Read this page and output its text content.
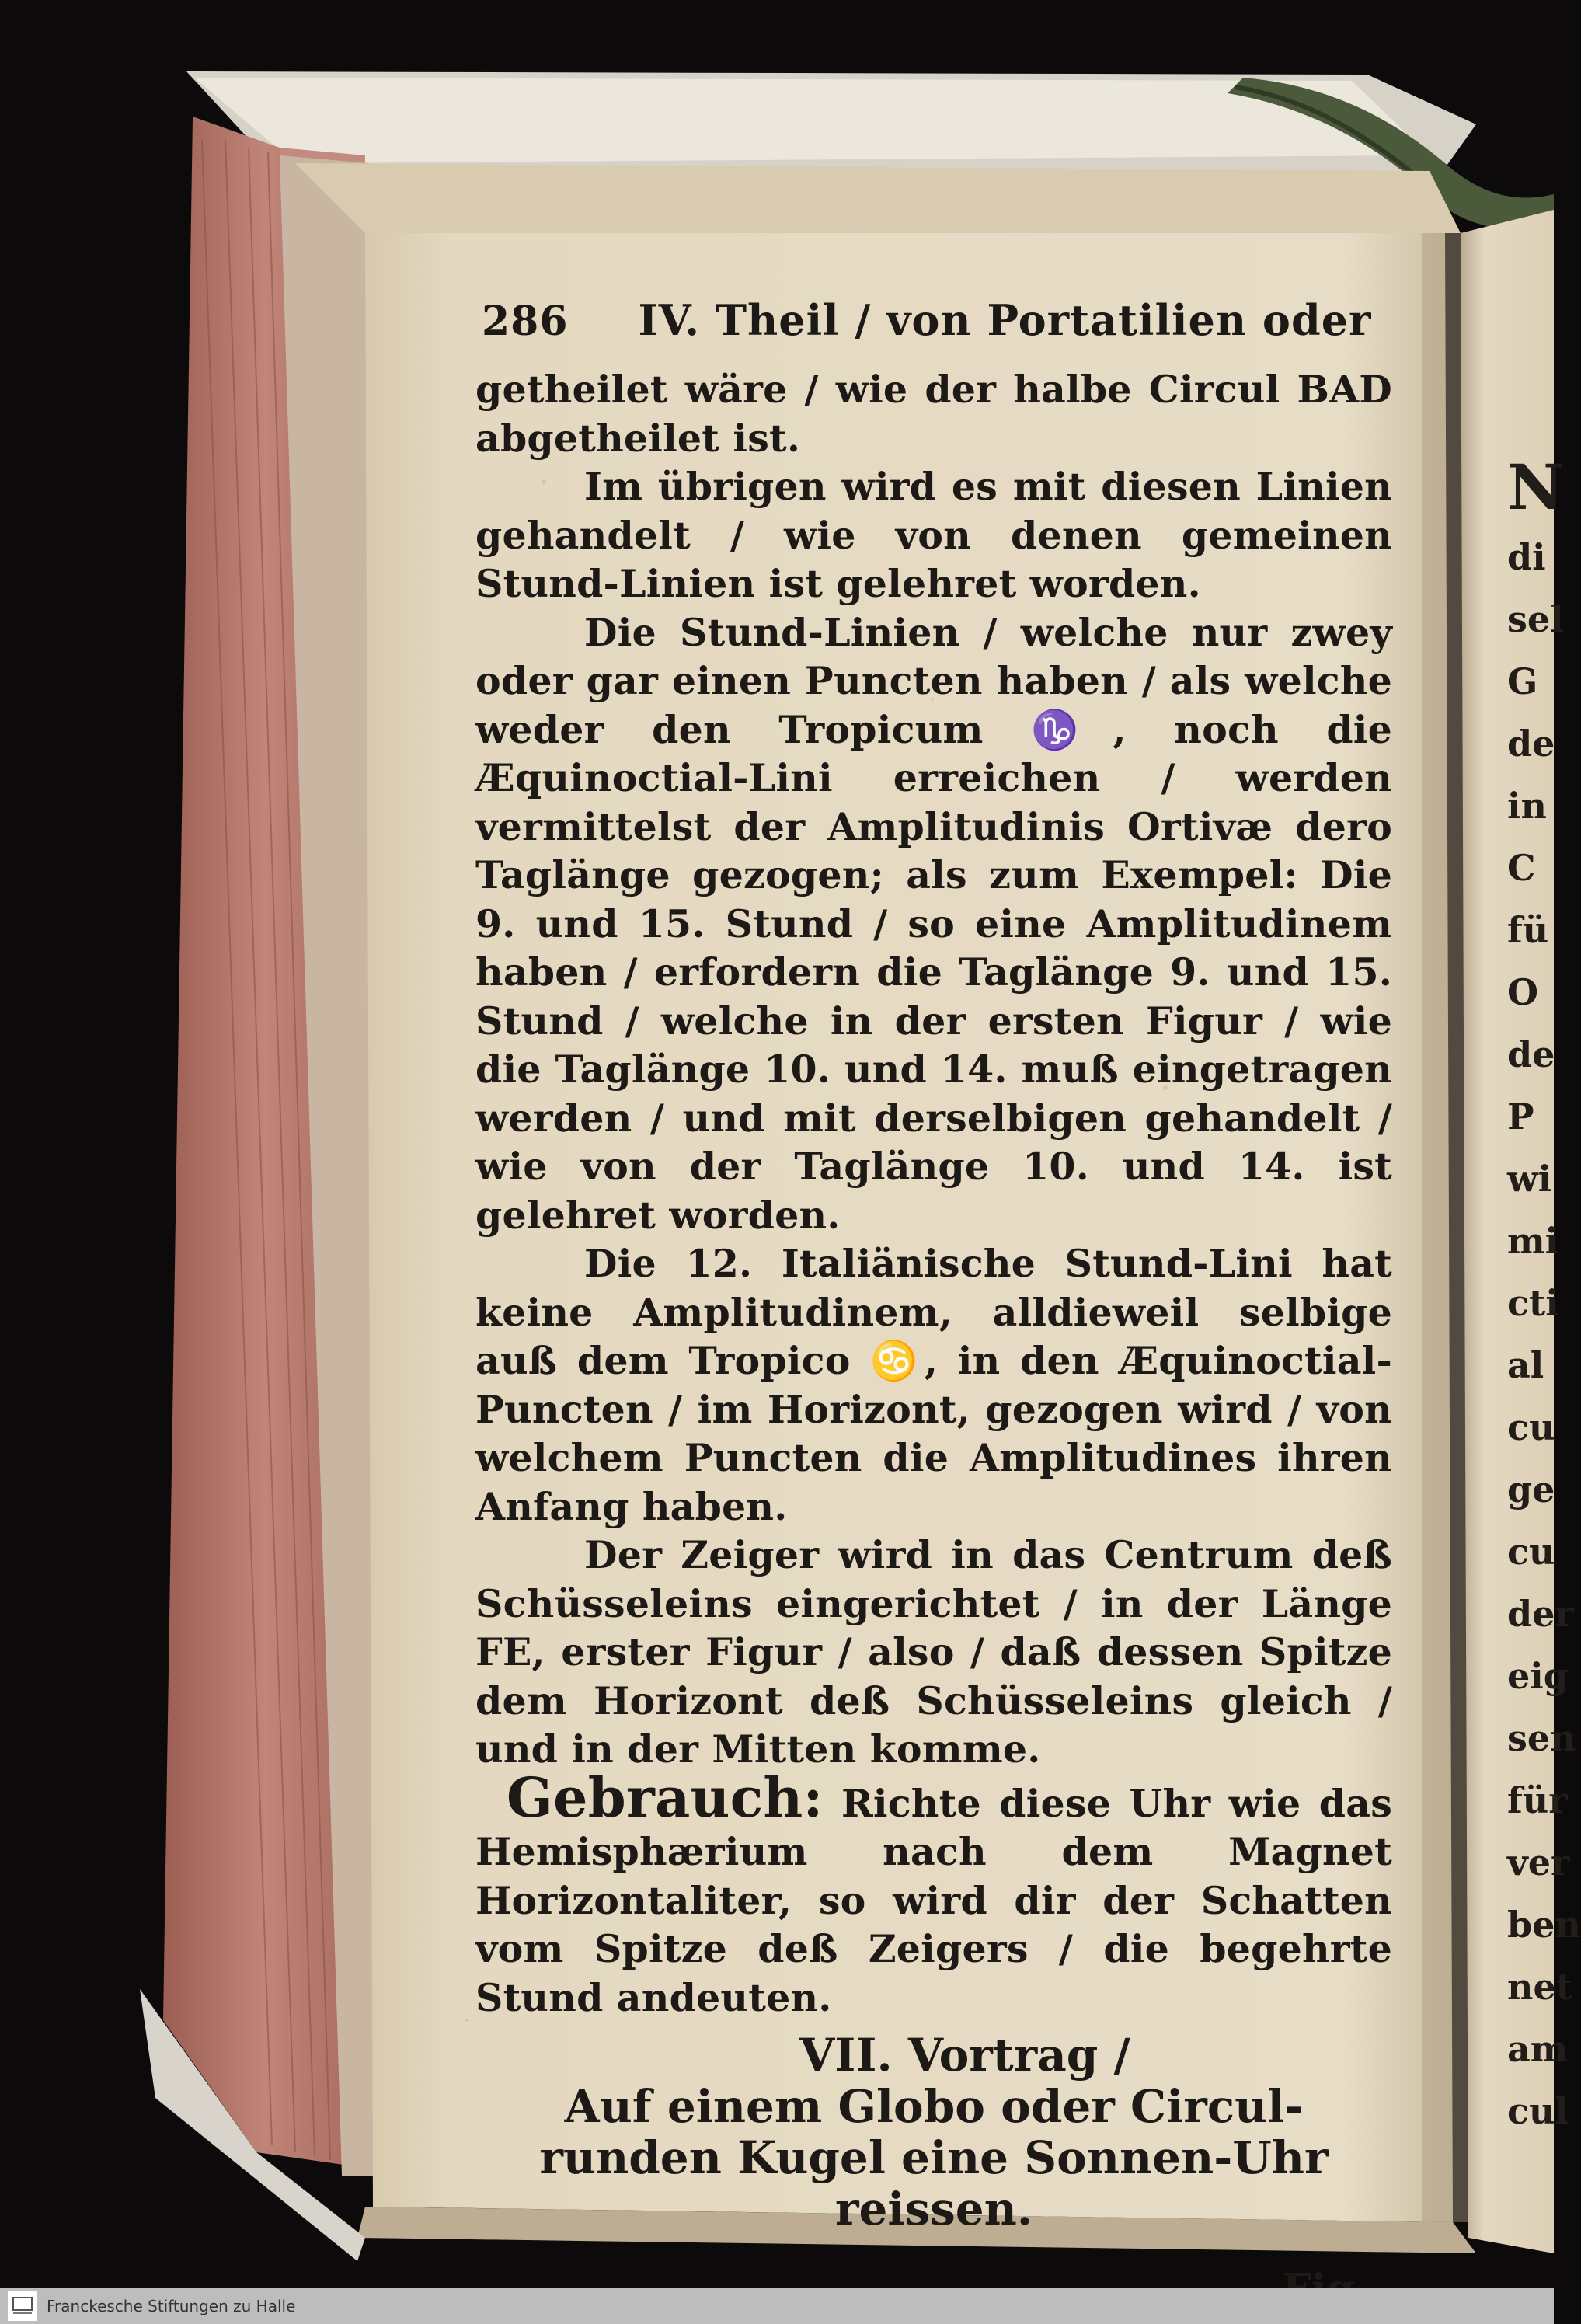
286 IV. Theil / von Portatilien oder

getheilet wäre / wie der halbe Circul BAD abgetheilet ist.

Im übrigen wird es mit diesen Linien gehandelt / wie von denen gemeinen Stund-Linien ist gelehret worden.

Die Stund-Linien / welche nur zwey oder gar einen Puncten haben / als welche weder den Tropicum ♑, noch die Æquinoctial-Lini erreichen / werden vermittelst der Amplitudinis Ortivæ dero Taglänge gezogen; als zum Exempel: Die 9. und 15. Stund / so eine Amplitudinem haben / erfordern die Taglänge 9. und 15. Stund / welche in der ersten Figur / wie die Taglänge 10. und 14. muß eingetragen werden / und mit derselbigen gehandelt / wie von der Taglänge 10. und 14. ist gelehret worden.

Die 12. Italiänische Stund-Lini hat keine Amplitudinem, alldieweil selbige auß dem Tropico ♋, in den Æquinoctial-Puncten / im Horizont, gezogen wird / von welchem Puncten die Amplitudines ihren Anfang haben.

Der Zeiger wird in das Centrum deß Schüsseleins eingerichtet / in der Länge FE, erster Figur / also / daß dessen Spitze dem Horizont deß Schüsseleins gleich / und in der Mitten komme.

Gebrauch: Richte diese Uhr wie das Hemisphærium nach dem Magnet Horizontaliter, so wird dir der Schatten vom Spitze deß Zeigers / die begehrte Stund andeuten.

VII. Vortrag /
Auf einem Globo oder Circul-runden Kugel eine Sonnen-Uhr reissen.
N
di
sel
G
de
in
C
fü
O
de
P
wi
mi
cti
al
cu
ge
cu
der
eig
sen
für
ver
ben
net
am
cul
Franckesche Stiftungen zu Halle
